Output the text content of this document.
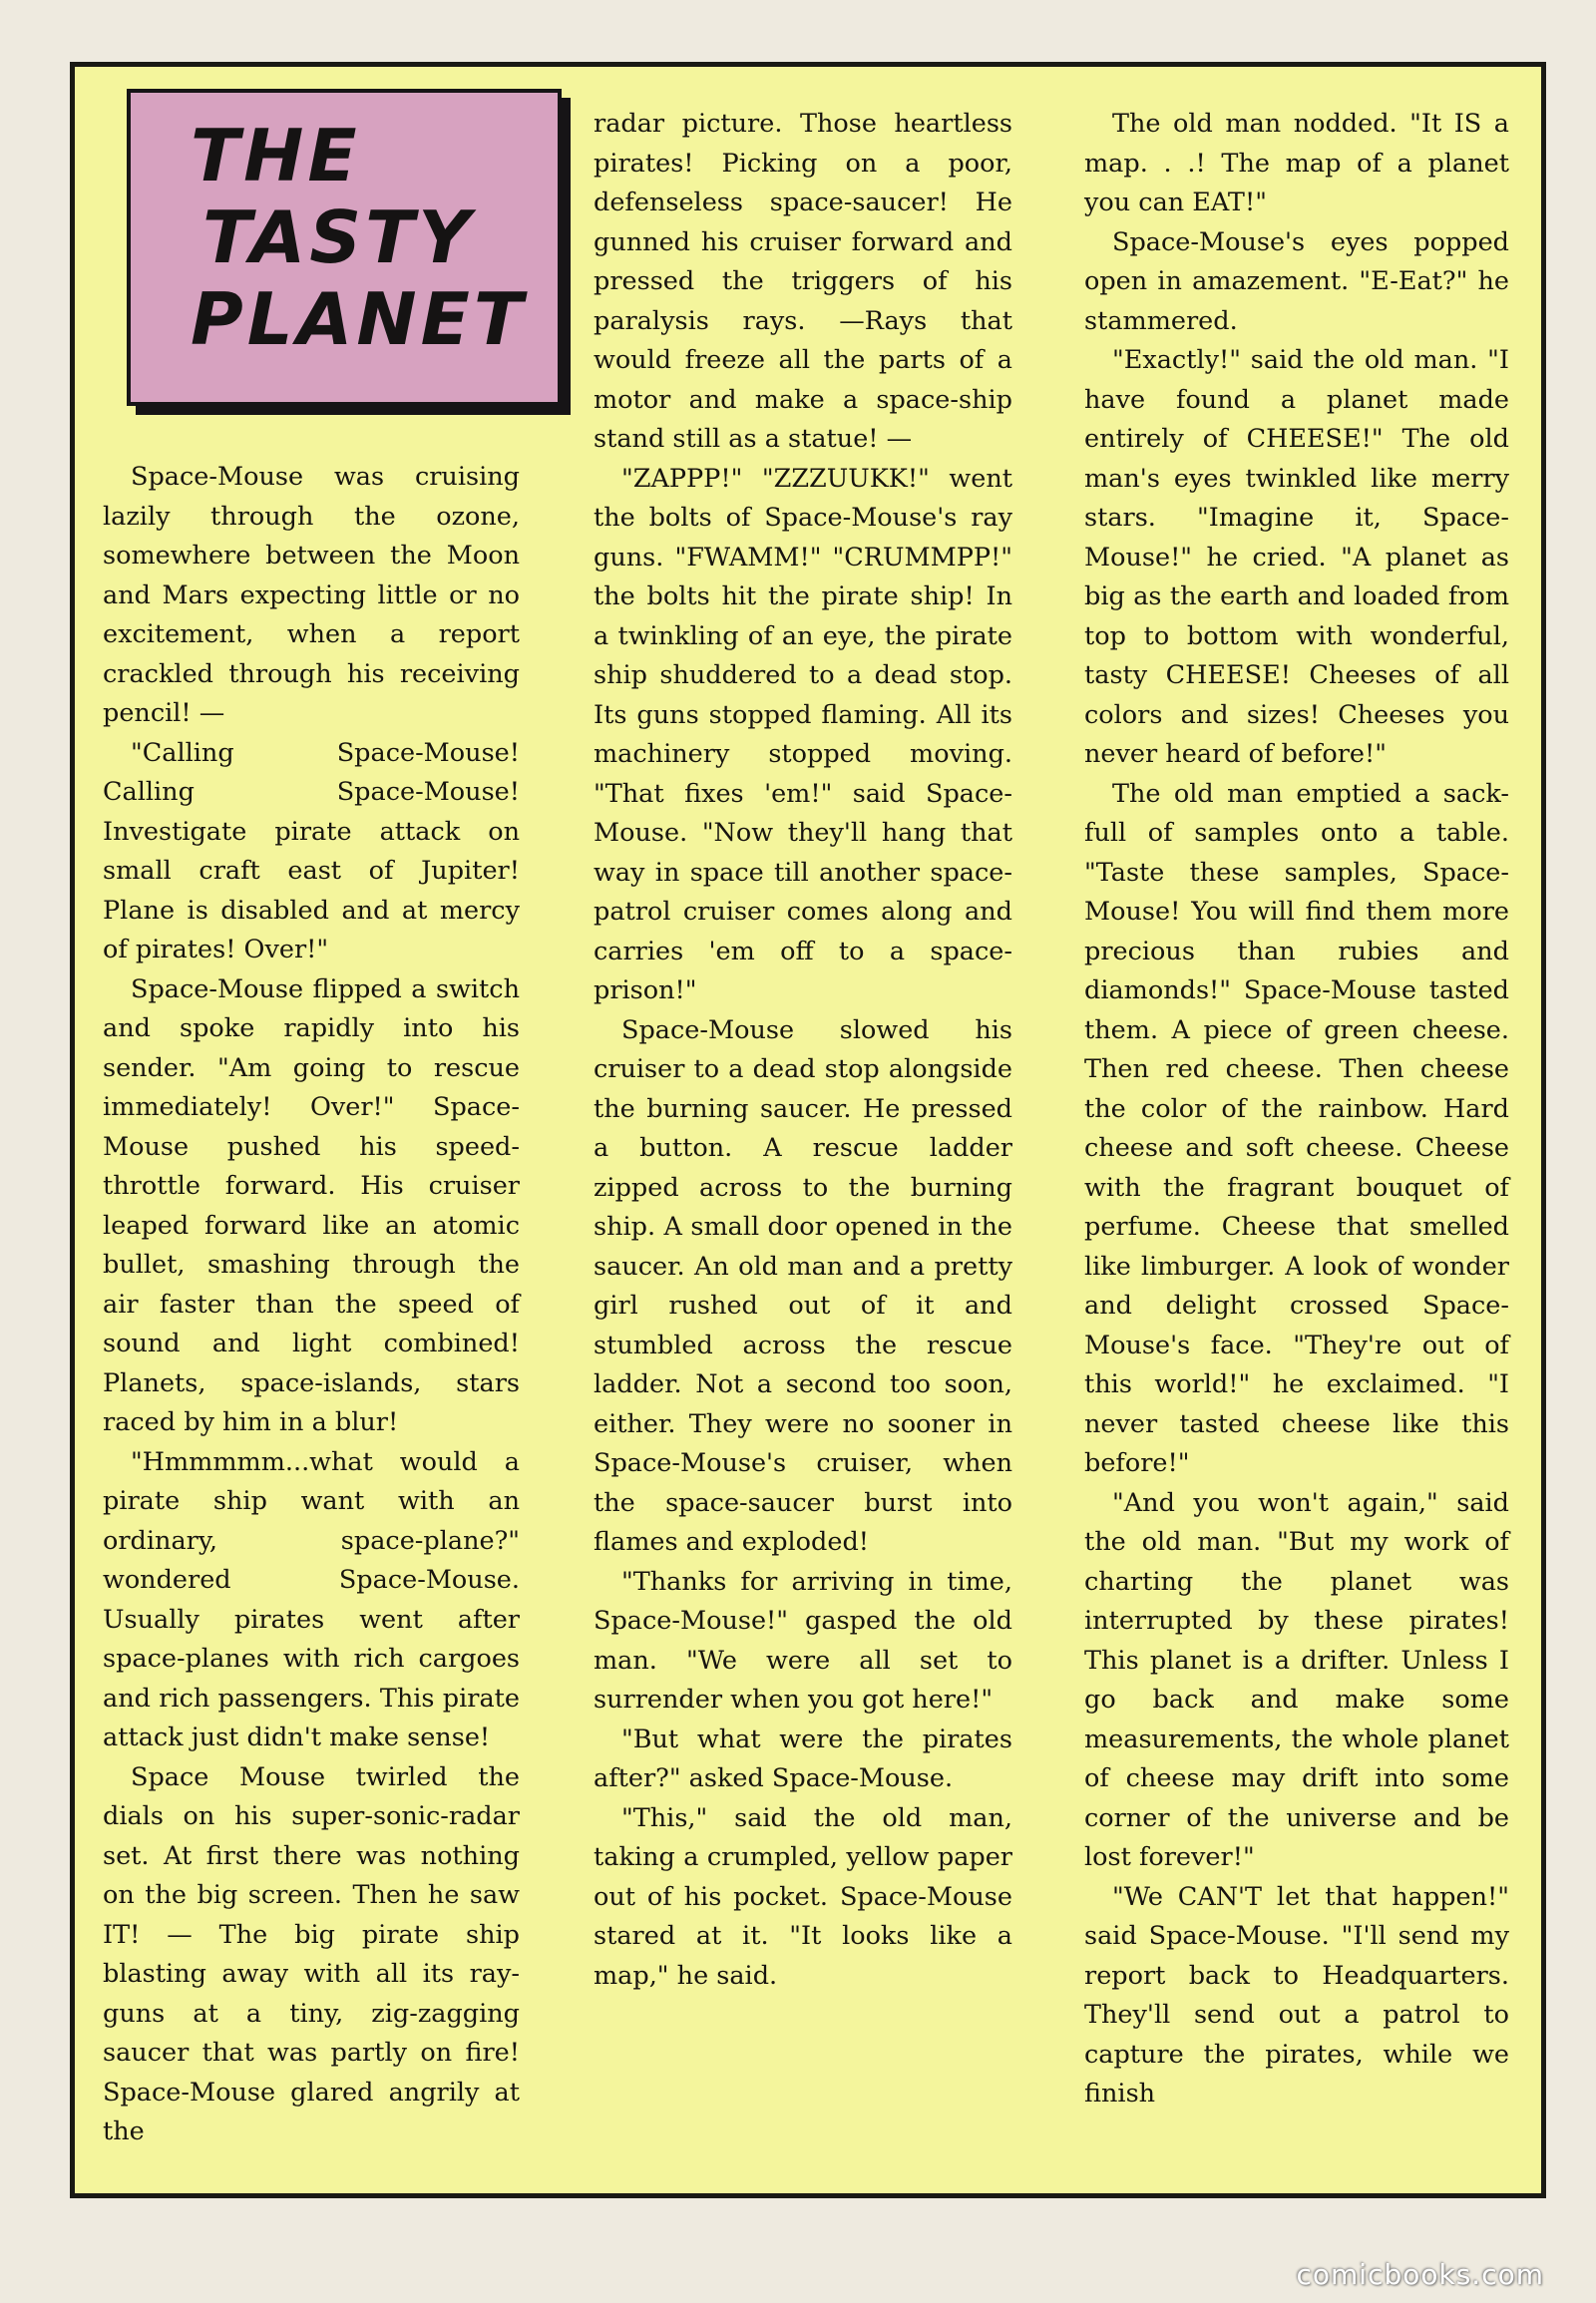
THE
TASTY
PLANET

Space-Mouse was cruising lazily through the ozone, somewhere between the Moon and Mars expecting little or no excitement, when a report crackled through his receiving pencil! —

"Calling Space-Mouse! Calling Space-Mouse! Investigate pirate attack on small craft east of Jupiter! Plane is disabled and at mercy of pirates! Over!"

Space-Mouse flipped a switch and spoke rapidly into his sender. "Am going to rescue immediately! Over!" Space-Mouse pushed his speed-throttle forward. His cruiser leaped forward like an atomic bullet, smashing through the air faster than the speed of sound and light combined! Planets, space-islands, stars raced by him in a blur!

"Hmmmmm...what would a pirate ship want with an ordinary, space-plane?" wondered Space-Mouse. Usually pirates went after space-planes with rich cargoes and rich passengers. This pirate attack just didn't make sense!

Space Mouse twirled the dials on his super-sonic-radar set. At first there was nothing on the big screen. Then he saw IT! — The big pirate ship blasting away with all its ray-guns at a tiny, zig-zagging saucer that was partly on fire! Space-Mouse glared angrily at the

radar picture. Those heartless pirates! Picking on a poor, defenseless space-saucer! He gunned his cruiser forward and pressed the triggers of his paralysis rays. —Rays that would freeze all the parts of a motor and make a space-ship stand still as a statue! —

"ZAPPP!" "ZZZUUKK!" went the bolts of Space-Mouse's ray guns. "FWAMM!" "CRUMMPP!" the bolts hit the pirate ship! In a twinkling of an eye, the pirate ship shuddered to a dead stop. Its guns stopped flaming. All its machinery stopped moving. "That fixes 'em!" said Space-Mouse. "Now they'll hang that way in space till another space-patrol cruiser comes along and carries 'em off to a space-prison!"

Space-Mouse slowed his cruiser to a dead stop alongside the burning saucer. He pressed a button. A rescue ladder zipped across to the burning ship. A small door opened in the saucer. An old man and a pretty girl rushed out of it and stumbled across the rescue ladder. Not a second too soon, either. They were no sooner in Space-Mouse's cruiser, when the space-saucer burst into flames and exploded!

"Thanks for arriving in time, Space-Mouse!" gasped the old man. "We were all set to surrender when you got here!"

"But what were the pirates after?" asked Space-Mouse.

"This," said the old man, taking a crumpled, yellow paper out of his pocket. Space-Mouse stared at it. "It looks like a map," he said.

The old man nodded. "It IS a map. . .! The map of a planet you can EAT!"

Space-Mouse's eyes popped open in amazement. "E-Eat?" he stammered.

"Exactly!" said the old man. "I have found a planet made entirely of CHEESE!" The old man's eyes twinkled like merry stars. "Imagine it, Space-Mouse!" he cried. "A planet as big as the earth and loaded from top to bottom with wonderful, tasty CHEESE! Cheeses of all colors and sizes! Cheeses you never heard of before!"

The old man emptied a sack-full of samples onto a table. "Taste these samples, Space-Mouse! You will find them more precious than rubies and diamonds!" Space-Mouse tasted them. A piece of green cheese. Then red cheese. Then cheese the color of the rainbow. Hard cheese and soft cheese. Cheese with the fragrant bouquet of perfume. Cheese that smelled like limburger. A look of wonder and delight crossed Space-Mouse's face. "They're out of this world!" he exclaimed. "I never tasted cheese like this before!"

"And you won't again," said the old man. "But my work of charting the planet was interrupted by these pirates! This planet is a drifter. Unless I go back and make some measurements, the whole planet of cheese may drift into some corner of the universe and be lost forever!"

"We CAN'T let that happen!" said Space-Mouse. "I'll send my report back to Headquarters. They'll send out a patrol to capture the pirates, while we finish

comicbooks.com
